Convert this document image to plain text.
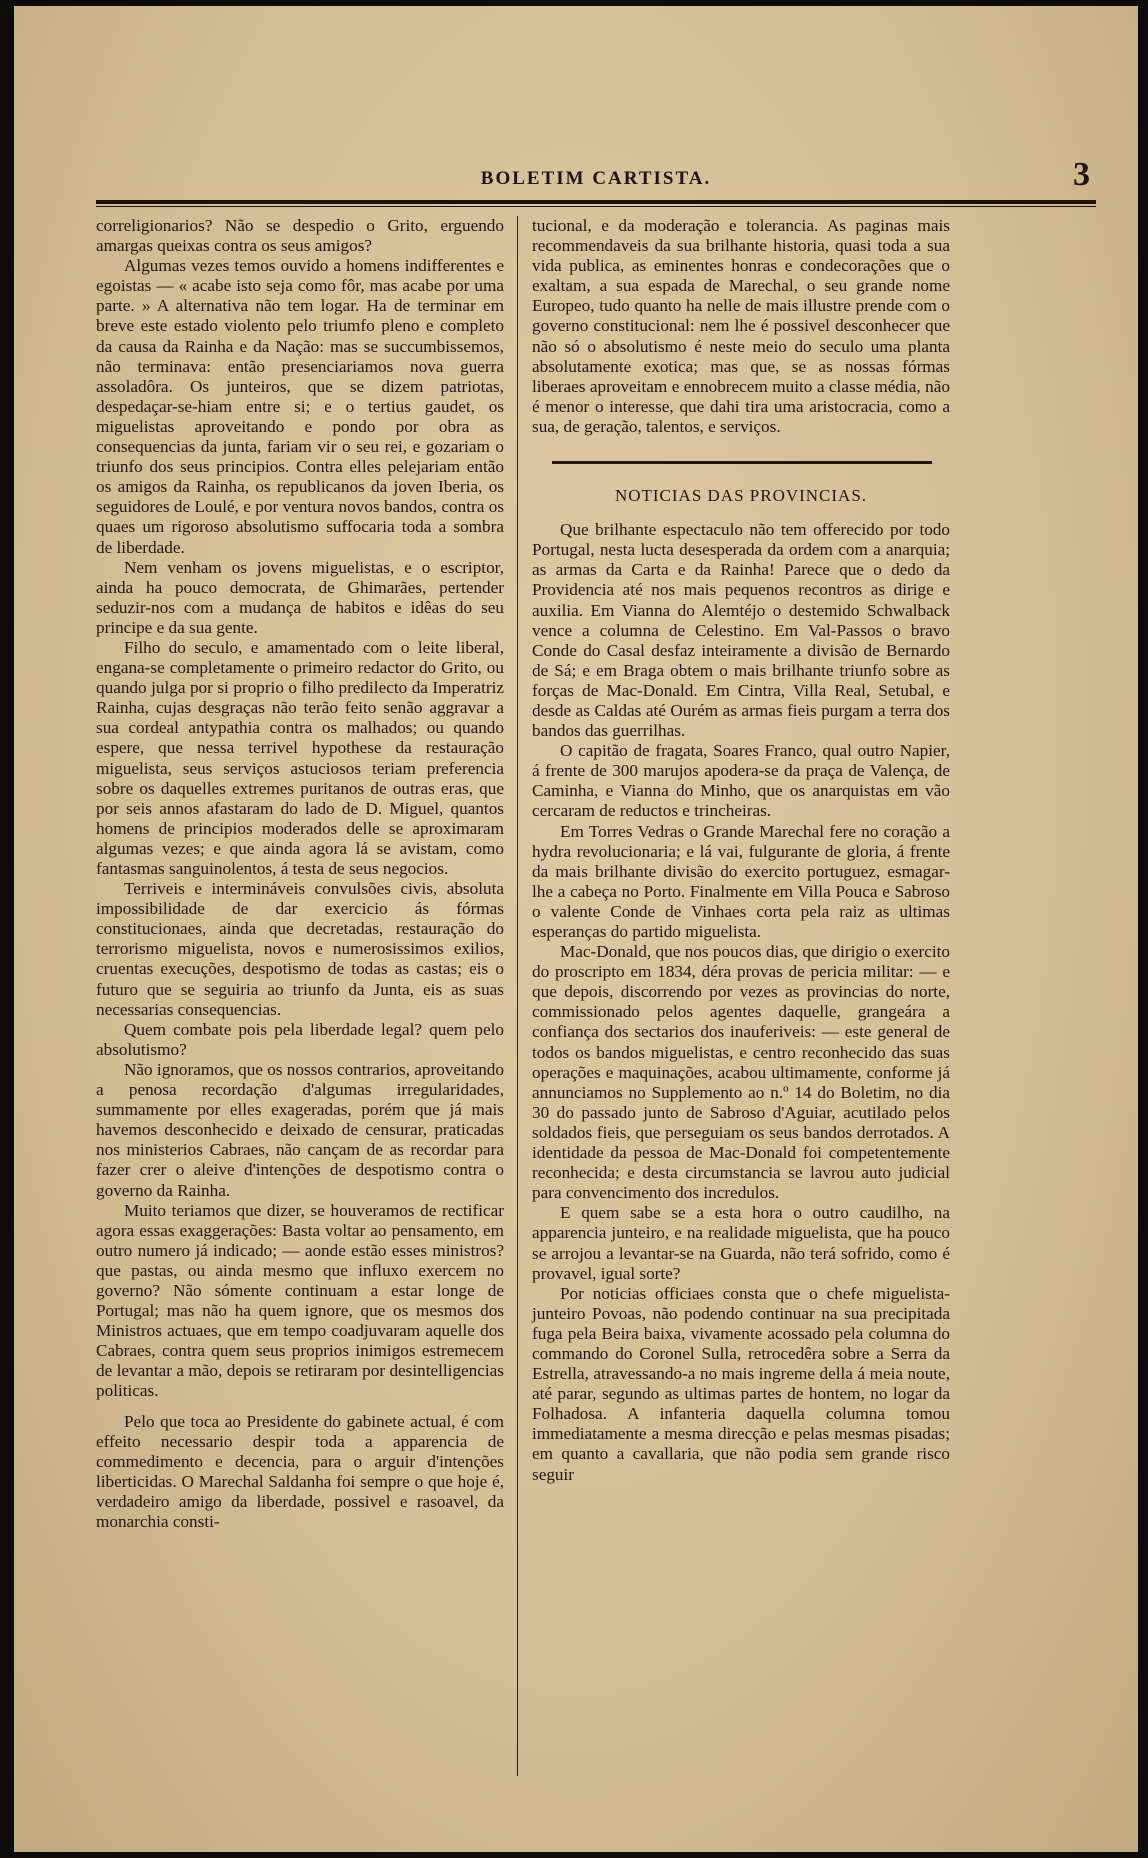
BOLETIM CARTISTA.	3

correligionarios? Não se despedio o Grito, erguendo amargas queixas contra os seus amigos?

Algumas vezes temos ouvido a homens indifferentes e egoistas — « acabe isto seja como fôr, mas acabe por uma parte. » A alternativa não tem logar. Ha de terminar em breve este estado violento pelo triumfo pleno e completo da causa da Rainha e da Nação: mas se succumbissemos, não terminava: então presenciariamos nova guerra assoladôra. Os junteiros, que se dizem patriotas, despedaçar-se-hiam entre si; e o tertius gaudet, os miguelistas aproveitando e pondo por obra as consequencias da junta, fariam vir o seu rei, e gozariam o triunfo dos seus principios. Contra elles pelejariam então os amigos da Rainha, os republicanos da joven Iberia, os seguidores de Loulé, e por ventura novos bandos, contra os quaes um rigoroso absolutismo suffocaria toda a sombra de liberdade.

Nem venham os jovens miguelistas, e o escriptor, ainda ha pouco democrata, de Ghimarães, pertender seduzir-nos com a mudança de habitos e idêas do seu principe e da sua gente.

Filho do seculo, e amamentado com o leite liberal, engana-se completamente o primeiro redactor do Grito, ou quando julga por si proprio o filho predilecto da Imperatriz Rainha, cujas desgraças não terão feito senão aggravar a sua cordeal antypathia contra os malhados; ou quando espere, que nessa terrivel hypothese da restauração miguelista, seus serviços astuciosos teriam preferencia sobre os daquelles extremes puritanos de outras eras, que por seis annos afastaram do lado de D. Miguel, quantos homens de principios moderados delle se aproximaram algumas vezes; e que ainda agora lá se avistam, como fantasmas sanguinolentos, á testa de seus negocios.

Terriveis e intermináveis convulsões civis, absoluta impossibilidade de dar exercicio ás fórmas constitucionaes, ainda que decretadas, restauração do terrorismo miguelista, novos e numerosissimos exilios, cruentas execuções, despotismo de todas as castas; eis o futuro que se seguiria ao triunfo da Junta, eis as suas necessarias consequencias.

Quem combate pois pela liberdade legal? quem pelo absolutismo?

Não ignoramos, que os nossos contrarios, aproveitando a penosa recordação d'algumas irregularidades, summamente por elles exageradas, porém que já mais havemos desconhecido e deixado de censurar, praticadas nos ministerios Cabraes, não cançam de as recordar para fazer crer o aleive d'intenções de despotismo contra o governo da Rainha.

Muito teriamos que dizer, se houveramos de rectificar agora essas exaggerações: Basta voltar ao pensamento, em outro numero já indicado; — aonde estão esses ministros? que pastas, ou ainda mesmo que influxo exercem no governo? Não sómente continuam a estar longe de Portugal; mas não ha quem ignore, que os mesmos dos Ministros actuaes, que em tempo coadjuvaram aquelle dos Cabraes, contra quem seus proprios inimigos estremecem de levantar a mão, depois se retiraram por desintelligencias politicas.

Pelo que toca ao Presidente do gabinete actual, é com effeito necessario despir toda a apparencia de commedimento e decencia, para o arguir d'intenções liberticidas. O Marechal Saldanha foi sempre o que hoje é, verdadeiro amigo da liberdade, possivel e rasoavel, da monarchia consti-

tucional, e da moderação e tolerancia. As paginas mais recommendaveis da sua brilhante historia, quasi toda a sua vida publica, as eminentes honras e condecorações que o exaltam, a sua espada de Marechal, o seu grande nome Europeo, tudo quanto ha nelle de mais illustre prende com o governo constitucional: nem lhe é possivel desconhecer que não só o absolutismo é neste meio do seculo uma planta absolutamente exotica; mas que, se as nossas fórmas liberaes aproveitam e ennobrecem muito a classe média, não é menor o interesse, que dahi tira uma aristocracia, como a sua, de geração, talentos, e serviços.

NOTICIAS DAS PROVINCIAS.

Que brilhante espectaculo não tem offerecido por todo Portugal, nesta lucta desesperada da ordem com a anarquia; as armas da Carta e da Rainha! Parece que o dedo da Providencia até nos mais pequenos recontros as dirige e auxilia. Em Vianna do Alemtéjo o destemido Schwalback vence a columna de Celestino. Em Val-Passos o bravo Conde do Casal desfaz inteiramente a divisão de Bernardo de Sá; e em Braga obtem o mais brilhante triunfo sobre as forças de Mac-Donald. Em Cintra, Villa Real, Setubal, e desde as Caldas até Ourém as armas fieis purgam a terra dos bandos das guerrilhas.

O capitão de fragata, Soares Franco, qual outro Napier, á frente de 300 marujos apodera-se da praça de Valença, de Caminha, e Vianna do Minho, que os anarquistas em vão cercaram de reductos e trincheiras.

Em Torres Vedras o Grande Marechal fere no coração a hydra revolucionaria; e lá vai, fulgurante de gloria, á frente da mais brilhante divisão do exercito portuguez, esmagar-lhe a cabeça no Porto. Finalmente em Villa Pouca e Sabroso o valente Conde de Vinhaes corta pela raiz as ultimas esperanças do partido miguelista.

Mac-Donald, que nos poucos dias, que dirigio o exercito do proscripto em 1834, déra provas de pericia militar: — e que depois, discorrendo por vezes as provincias do norte, commissionado pelos agentes daquelle, grangeára a confiança dos sectarios dos inauferiveis: — este general de todos os bandos miguelistas, e centro reconhecido das suas operações e maquinações, acabou ultimamente, conforme já annunciamos no Supplemento ao n.º 14 do Boletim, no dia 30 do passado junto de Sabroso d'Aguiar, acutilado pelos soldados fieis, que perseguiam os seus bandos derrotados. A identidade da pessoa de Mac-Donald foi competentemente reconhecida; e desta circumstancia se lavrou auto judicial para convencimento dos incredulos.

E quem sabe se a esta hora o outro caudilho, na apparencia junteiro, e na realidade miguelista, que ha pouco se arrojou a levantar-se na Guarda, não terá sofrido, como é provavel, igual sorte?

Por noticias officiaes consta que o chefe miguelista-junteiro Povoas, não podendo continuar na sua precipitada fuga pela Beira baixa, vivamente acossado pela columna do commando do Coronel Sulla, retrocedêra sobre a Serra da Estrella, atravessando-a no mais ingreme della á meia noute, até parar, segundo as ultimas partes de hontem, no logar da Folhadosa. A infanteria daquella columna tomou immediatamente a mesma direcção e pelas mesmas pisadas; em quanto a cavallaria, que não podia sem grande risco seguir
